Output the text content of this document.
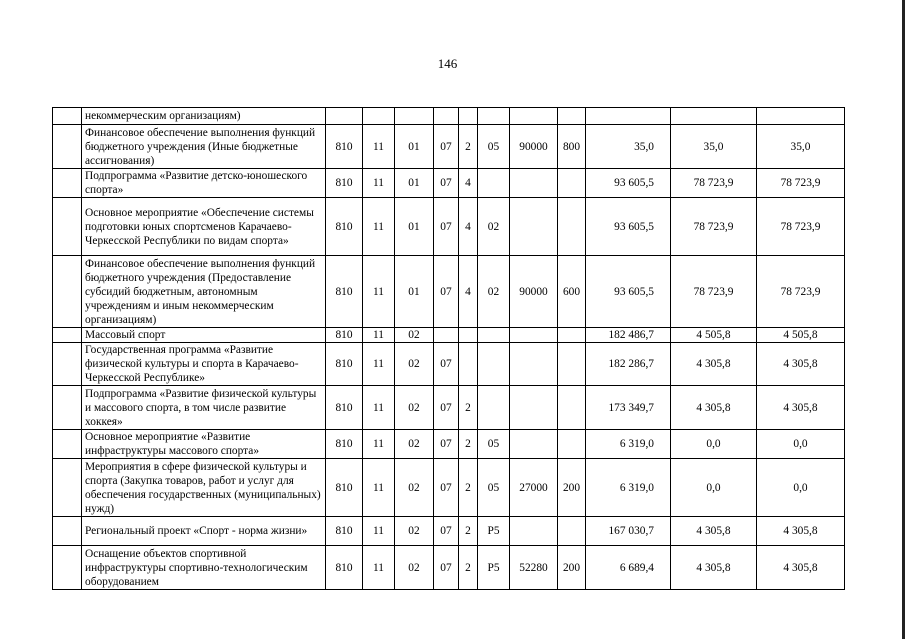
146
	некоммерческим организациям)											
	Финансовое обеспечение выполнения функций бюджетного учреждения (Иные бюджетные ассигнования)	810	11	01	07	2	05	90000	800	35,0	35,0	35,0
	Подпрограмма «Развитие детско-юношеского спорта»	810	11	01	07	4				93 605,5	78 723,9	78 723,9
	Основное мероприятие «Обеспечение системы подготовки юных спортсменов Карачаево-Черкесской Республики по видам спорта»	810	11	01	07	4	02			93 605,5	78 723,9	78 723,9
	Финансовое обеспечение выполнения функций бюджетного учреждения (Предоставление субсидий бюджетным, автономным учреждениям и иным некоммерческим организациям)	810	11	01	07	4	02	90000	600	93 605,5	78 723,9	78 723,9
	Массовый спорт	810	11	02						182 486,7	4 505,8	4 505,8
	Государственная программа «Развитие физической культуры и спорта в Карачаево-Черкесской Республике»	810	11	02	07					182 286,7	4 305,8	4 305,8
	Подпрограмма «Развитие физической культуры и массового спорта, в том числе развитие хоккея»	810	11	02	07	2				173 349,7	4 305,8	4 305,8
	Основное мероприятие «Развитие инфраструктуры массового спорта»	810	11	02	07	2	05			6 319,0	0,0	0,0
	Мероприятия в сфере физической культуры и спорта (Закупка товаров, работ и услуг для обеспечения государственных (муниципальных) нужд)	810	11	02	07	2	05	27000	200	6 319,0	0,0	0,0
	Региональный проект «Спорт - норма жизни»	810	11	02	07	2	P5			167 030,7	4 305,8	4 305,8
	Оснащение объектов спортивной инфраструктуры спортивно-технологическим оборудованием	810	11	02	07	2	P5	52280	200	6 689,4	4 305,8	4 305,8
